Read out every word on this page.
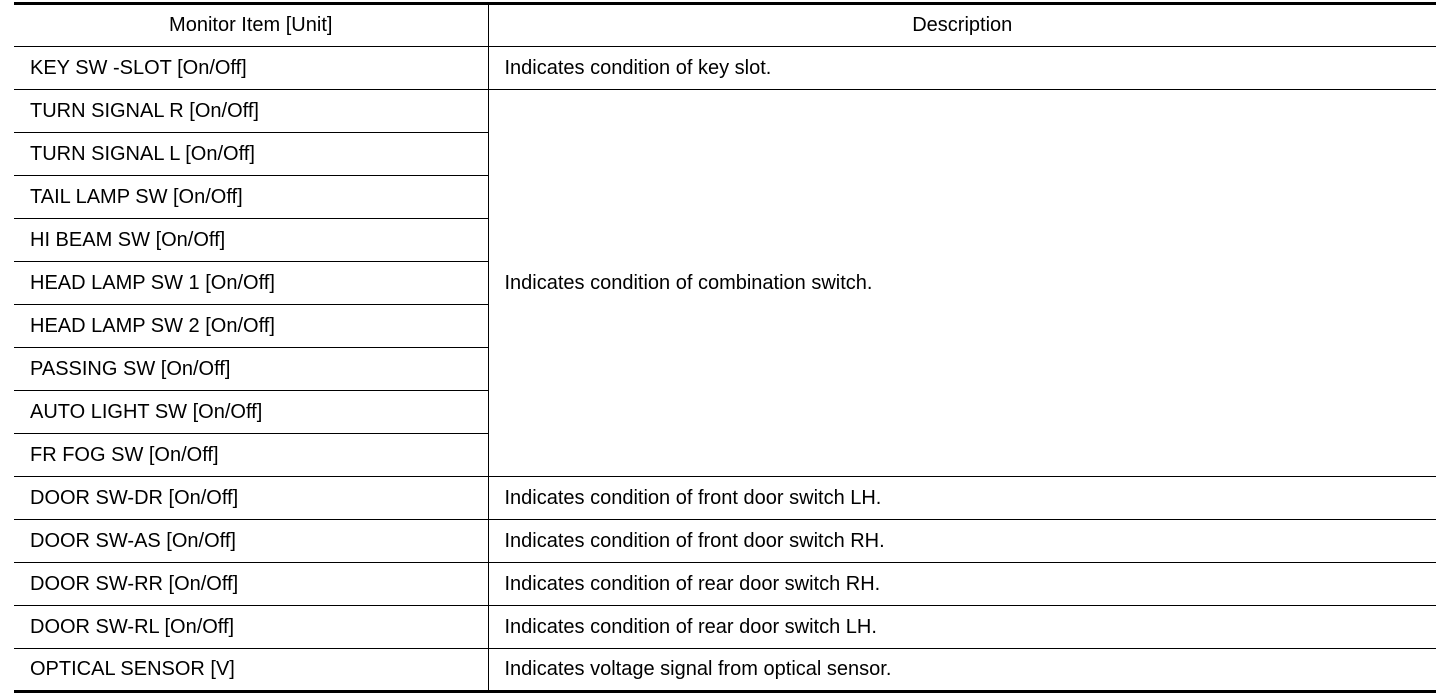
Monitor Item [Unit]	Description
KEY SW -SLOT [On/Off]	Indicates condition of key slot.
TURN SIGNAL R [On/Off]	Indicates condition of combination switch.
TURN SIGNAL L [On/Off]	
TAIL LAMP SW [On/Off]	
HI BEAM SW [On/Off]	
HEAD LAMP SW 1 [On/Off]	
HEAD LAMP SW 2 [On/Off]	
PASSING SW [On/Off]	
AUTO LIGHT SW [On/Off]	
FR FOG SW [On/Off]	
DOOR SW-DR [On/Off]	Indicates condition of front door switch LH.
DOOR SW-AS [On/Off]	Indicates condition of front door switch RH.
DOOR SW-RR [On/Off]	Indicates condition of rear door switch RH.
DOOR SW-RL [On/Off]	Indicates condition of rear door switch LH.
OPTICAL SENSOR [V]	Indicates voltage signal from optical sensor.
